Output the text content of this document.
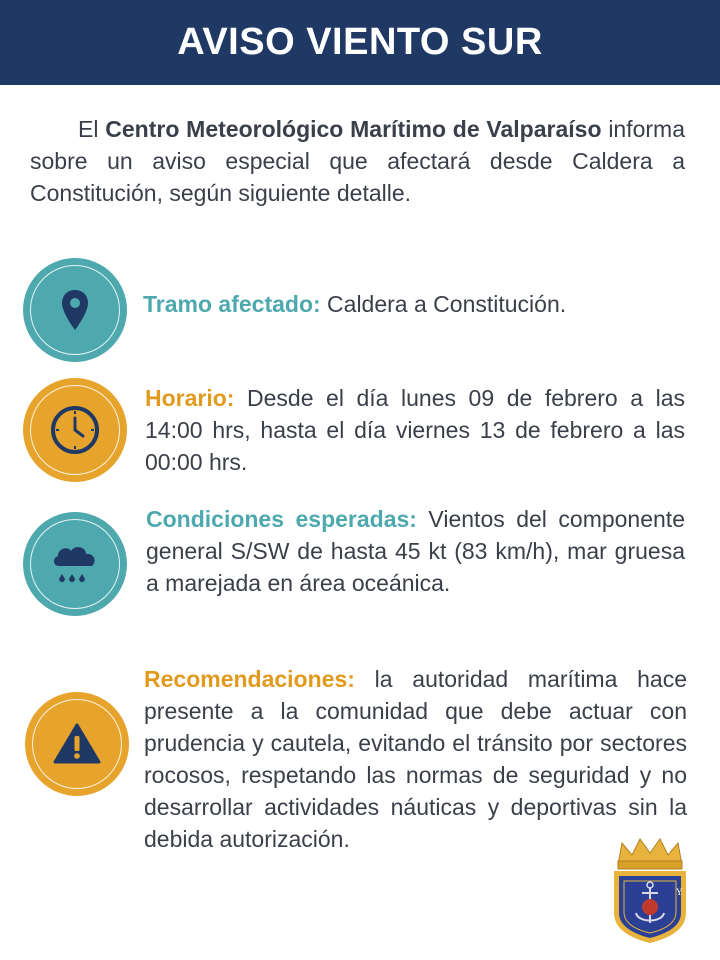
AVISO VIENTO SUR

El Centro Meteorológico Marítimo de Valparaíso informa sobre un aviso especial que afectará desde Caldera a Constitución, según siguiente detalle.

Tramo afectado: Caldera a Constitución.
Horario: Desde el día lunes 09 de febrero a las 14:00 hrs, hasta el día viernes 13 de febrero a las 00:00 hrs.
Condiciones esperadas: Vientos del componente general S/SW de hasta 45 kt (83 km/h), mar gruesa a marejada en área oceánica.
Recomendaciones: la autoridad marítima hace presente a la comunidad que debe actuar con prudencia y cautela, evitando el tránsito por sectores rocosos, respetando las normas de seguridad y no desarrollar actividades náuticas y deportivas sin la debida autorización.
Y
